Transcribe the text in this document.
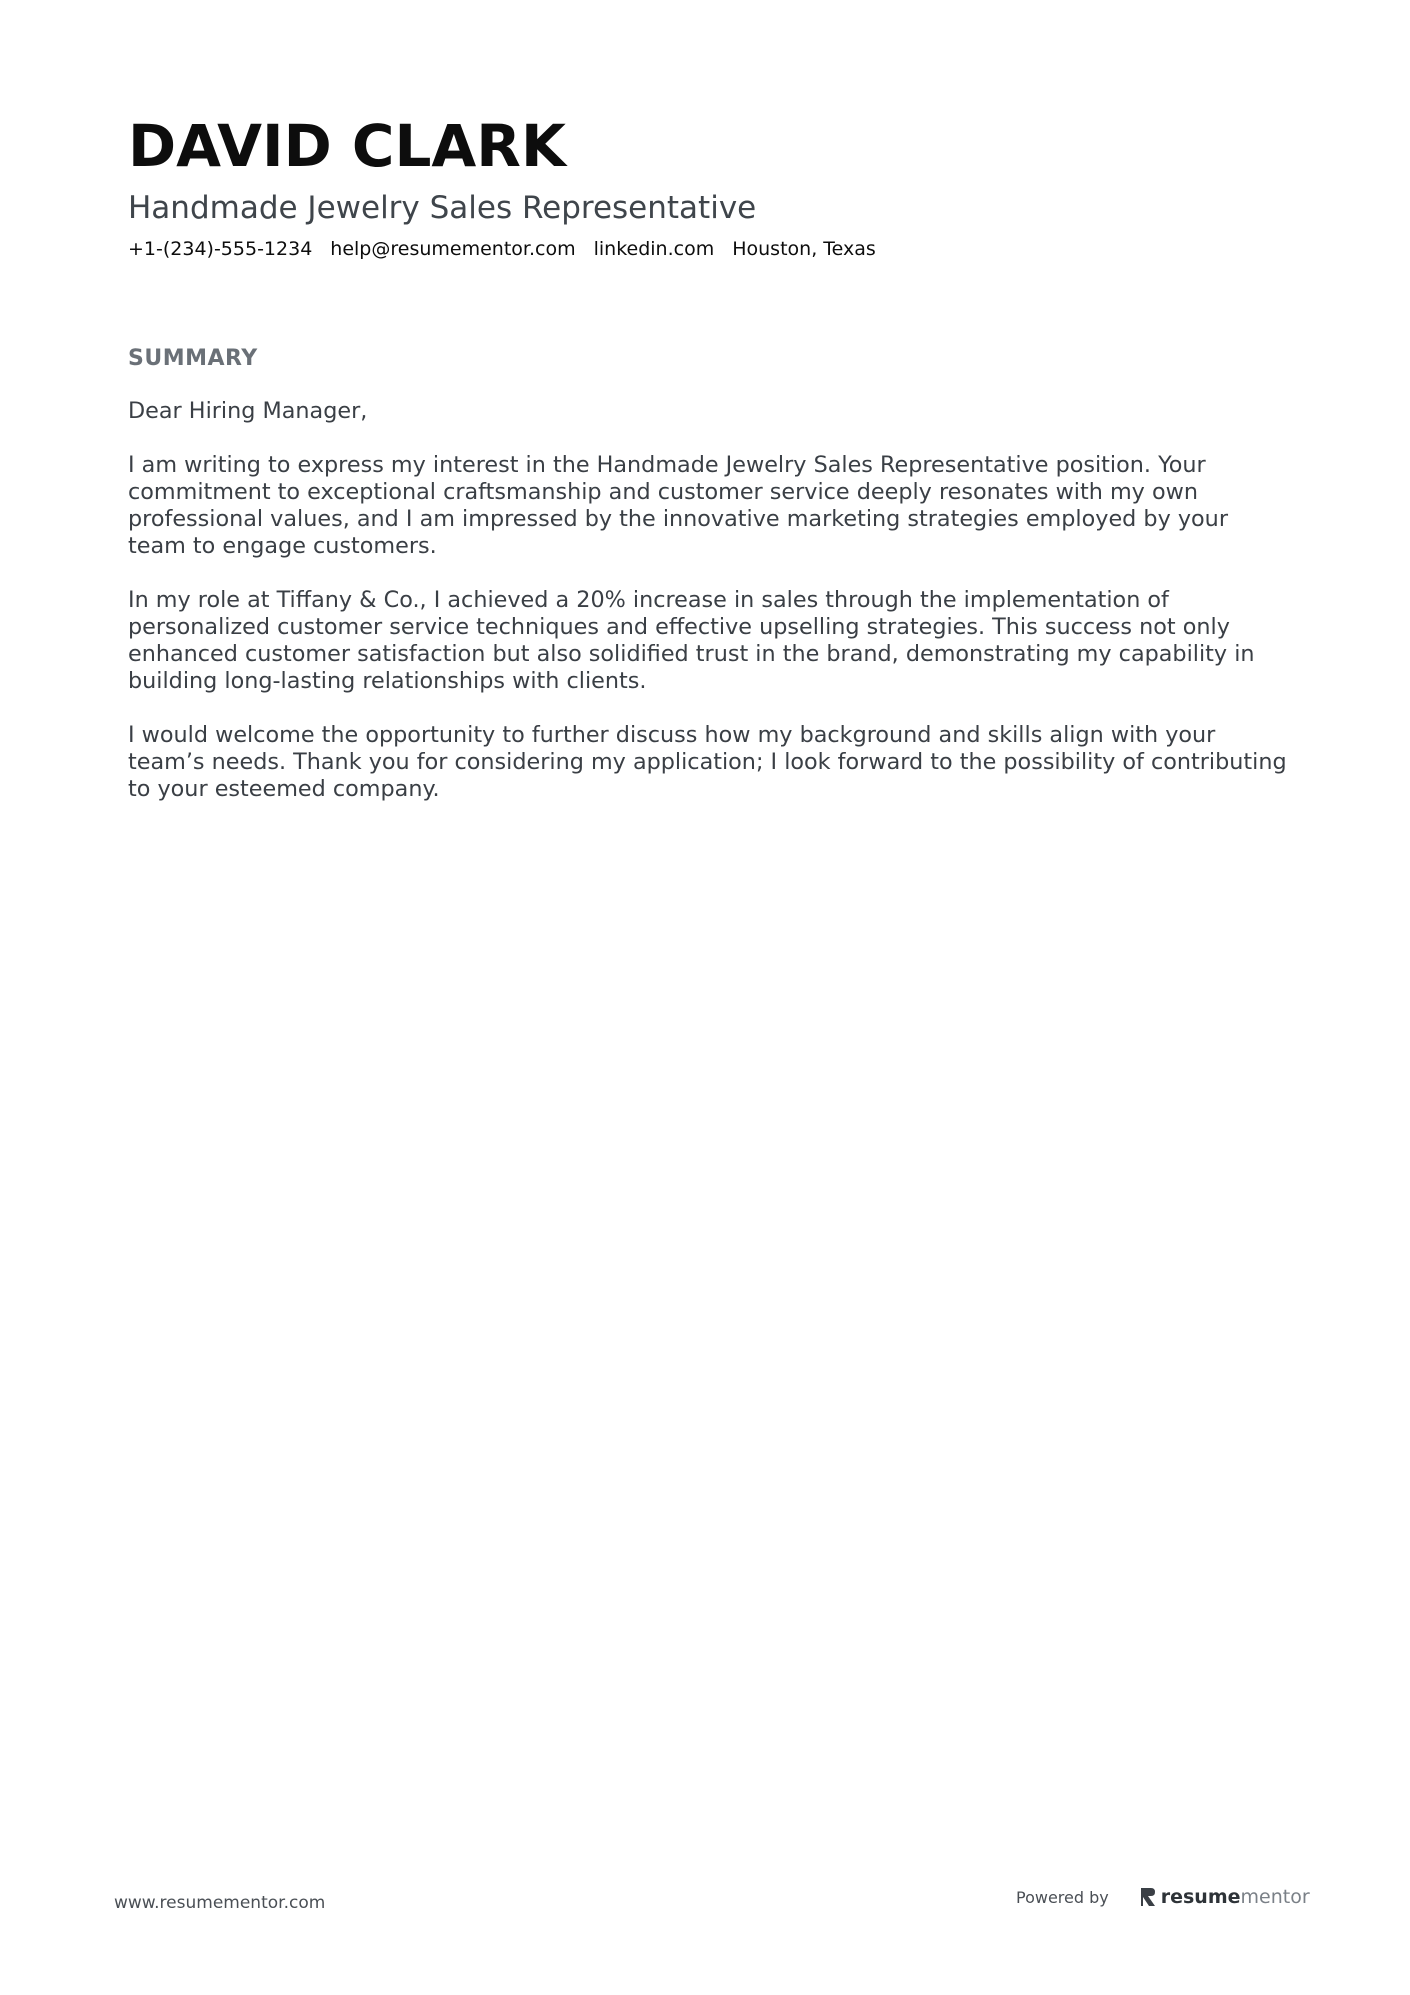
DAVID CLARK
Handmade Jewelry Sales Representative
+1-(234)-555-1234 help@resumementor.com linkedin.com Houston, Texas
SUMMARY

Dear Hiring Manager,

I am writing to express my interest in the Handmade Jewelry Sales Representative position. Your commitment to exceptional craftsmanship and customer service deeply resonates with my own professional values, and I am impressed by the innovative marketing strategies employed by your team to engage customers.

In my role at Tiffany & Co., I achieved a 20% increase in sales through the implementation of personalized customer service techniques and effective upselling strategies. This success not only enhanced customer satisfaction but also solidified trust in the brand, demonstrating my capability in building long-lasting relationships with clients.

I would welcome the opportunity to further discuss how my background and skills align with your team’s needs. Thank you for considering my application; I look forward to the possibility of contributing to your esteemed company.

www.resumementor.com	Powered by	resume mentor
